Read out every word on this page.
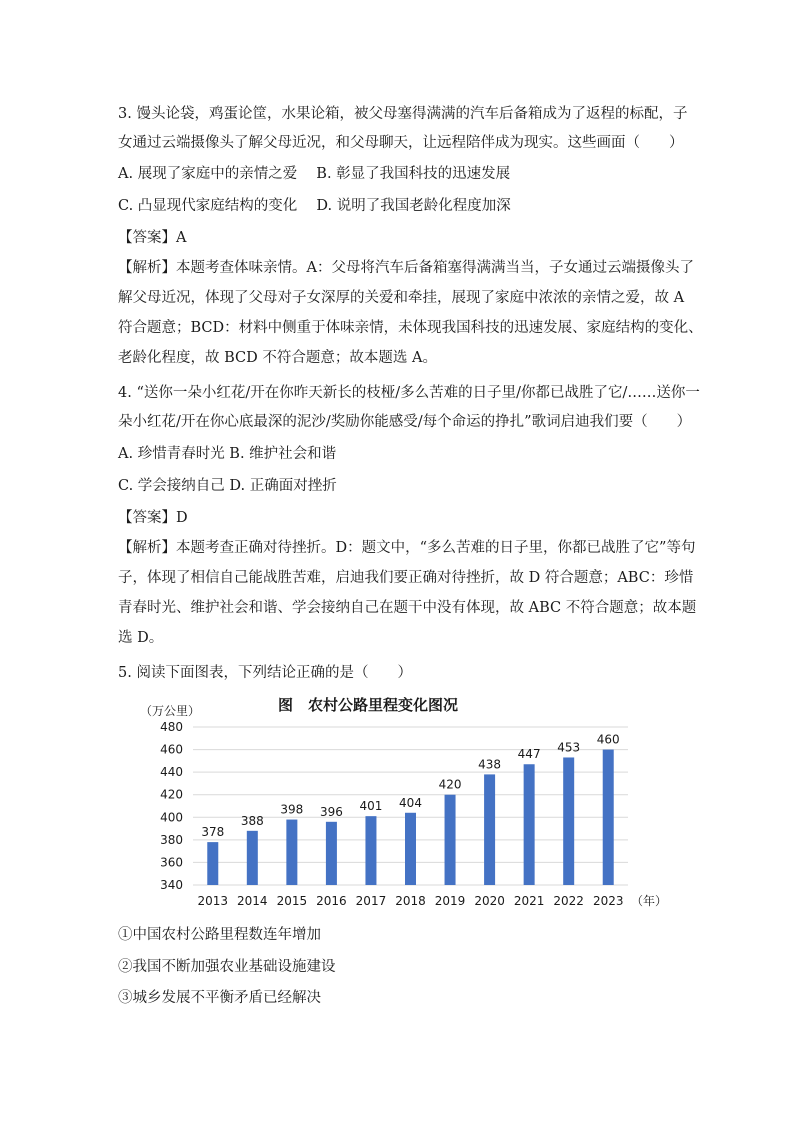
3. 馒头论袋，鸡蛋论筐，水果论箱，被父母塞得满满的汽车后备箱成为了返程的标配，子
女通过云端摄像头了解父母近况，和父母聊天，让远程陪伴成为现实。这些画面（　　）
A. 展现了家庭中的亲情之爱　 B. 彰显了我国科技的迅速发展
C. 凸显现代家庭结构的变化　 D. 说明了我国老龄化程度加深
【答案】A
【解析】本题考查体味亲情。A：父母将汽车后备箱塞得满满当当，子女通过云端摄像头了
解父母近况，体现了父母对子女深厚的关爱和牵挂，展现了家庭中浓浓的亲情之爱，故 A
符合题意；BCD：材料中侧重于体味亲情，未体现我国科技的迅速发展、家庭结构的变化、
老龄化程度，故 BCD 不符合题意；故本题选 A。
4. “送你一朵小红花/开在你昨天新长的枝桠/多么苦难的日子里/你都已战胜了它/……送你一
朵小红花/开在你心底最深的泥沙/奖励你能感受/每个命运的挣扎”歌词启迪我们要（　　）
A. 珍惜青春时光 B. 维护社会和谐
C. 学会接纳自己 D. 正确面对挫折
【答案】D
【解析】本题考查正确对待挫折。D：题文中，“多么苦难的日子里，你都已战胜了它”等句
子，体现了相信自己能战胜苦难，启迪我们要正确对待挫折，故 D 符合题意；ABC：珍惜
青春时光、维护社会和谐、学会接纳自己在题干中没有体现，故 ABC 不符合题意；故本题
选 D。
5. 阅读下面图表，下列结论正确的是（　　）
图　农村公路里程变化图况
（万公里）
（年）
340
360
380
400
420
440
460
480
378
2013
388
2014
398
2015
396
2016
401
2017
404
2018
420
2019
438
2020
447
2021
453
2022
460
2023
①中国农村公路里程数连年增加
②我国不断加强农业基础设施建设
③城乡发展不平衡矛盾已经解决
